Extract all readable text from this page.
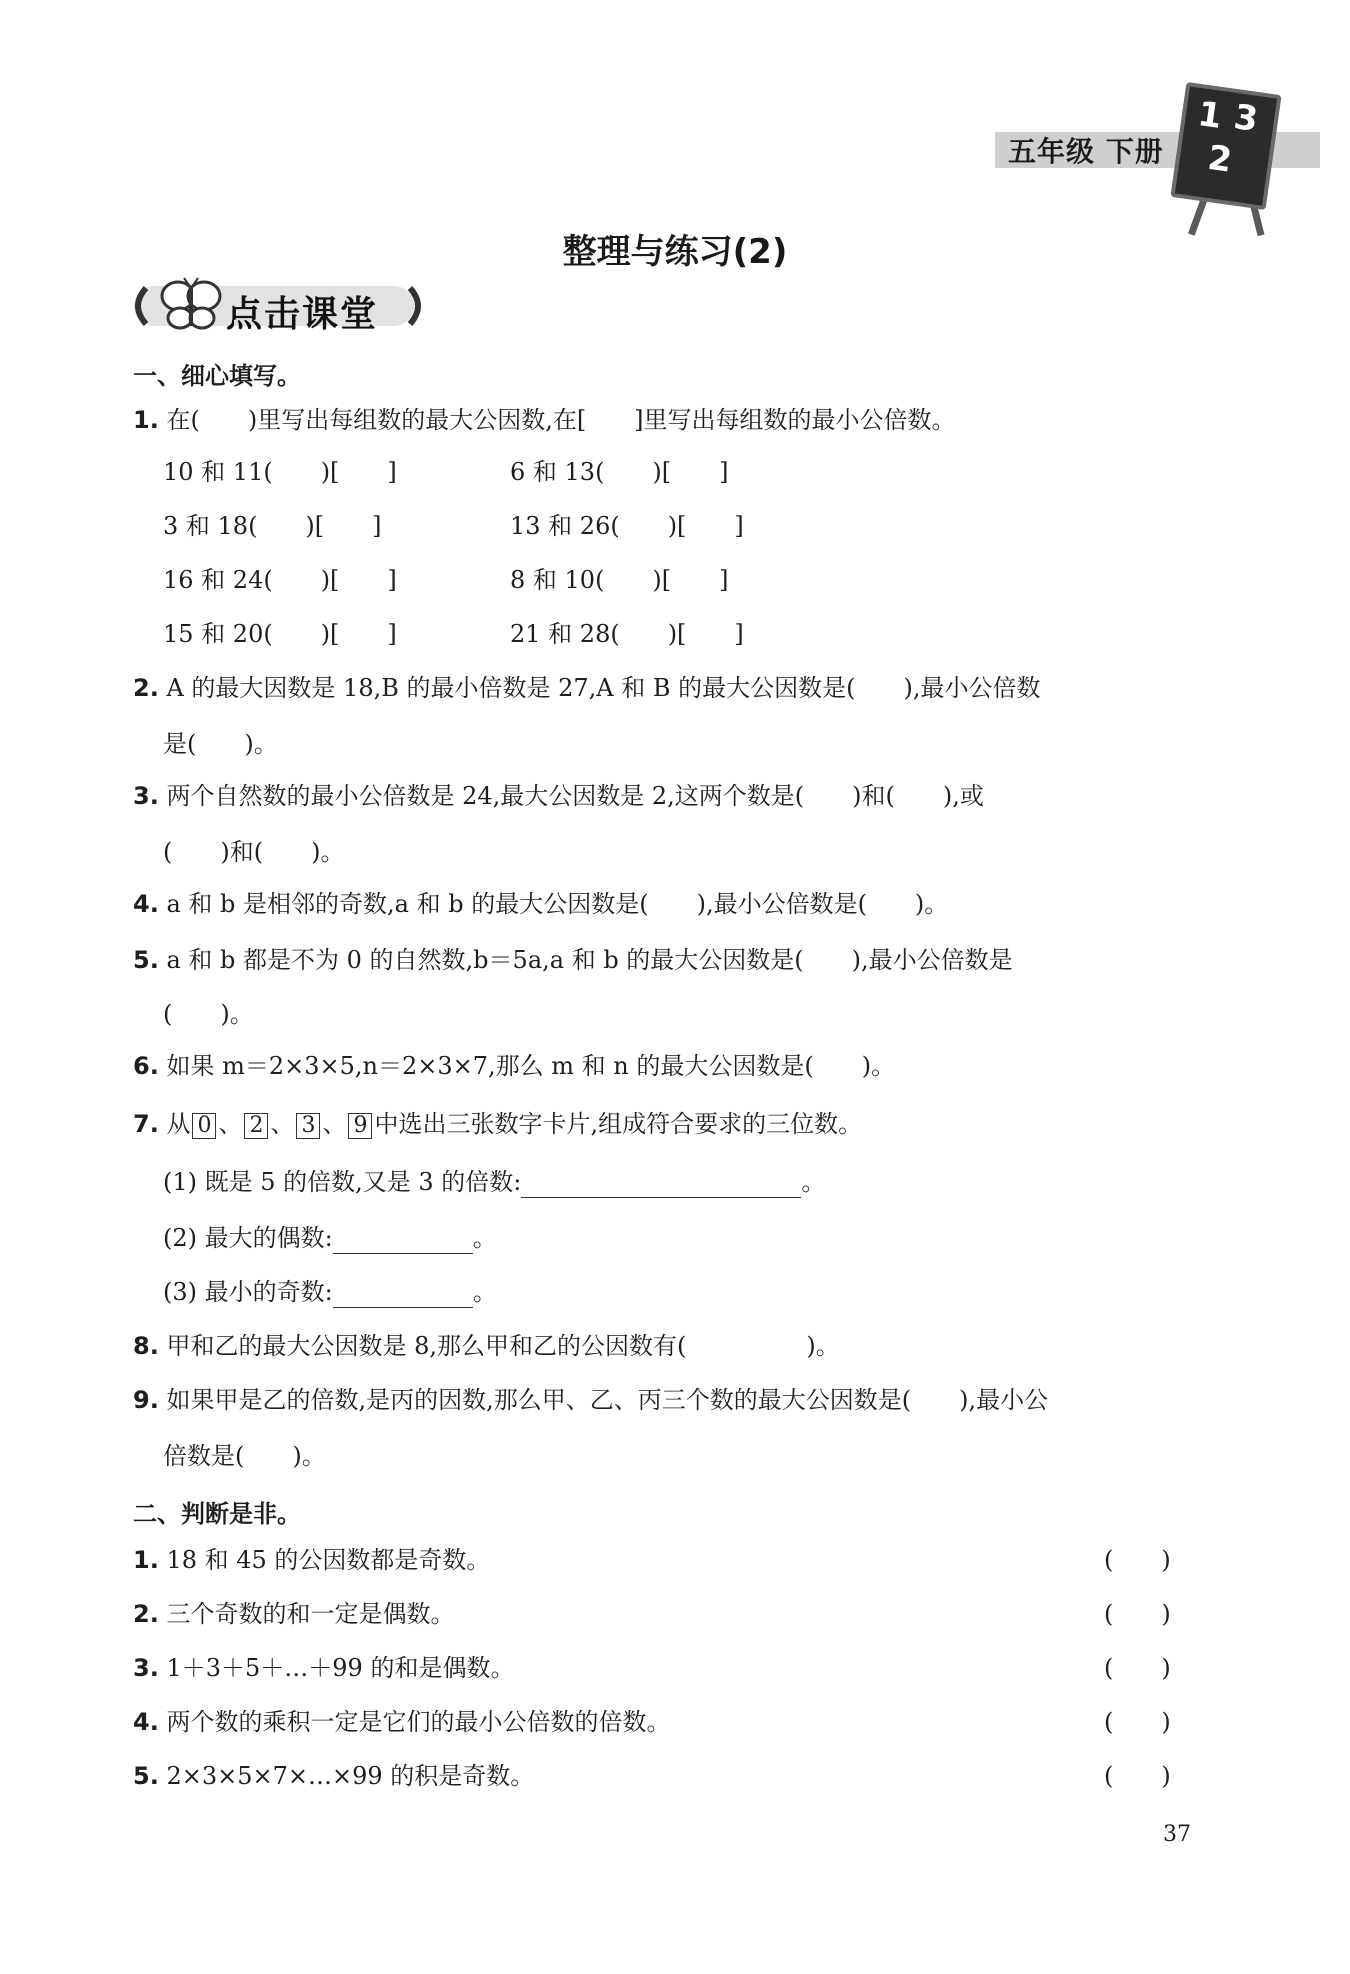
五年级 下册
1 3
2
整理与练习(2)
点击课堂
一、细心填写。
1. 在(　　)里写出每组数的最大公因数,在[　　]里写出每组数的最小公倍数。
10 和 11(　　)[　　]	6 和 13(　　)[　　]
3 和 18(　　)[　　]	13 和 26(　　)[　　]
16 和 24(　　)[　　]	8 和 10(　　)[　　]
15 和 20(　　)[　　]	21 和 28(　　)[　　]
2. A 的最大因数是 18,B 的最小倍数是 27,A 和 B 的最大公因数是(　　),最小公倍数
是(　　)。
3. 两个自然数的最小公倍数是 24,最大公因数是 2,这两个数是(　　)和(　　),或
(　　)和(　　)。
4. a 和 b 是相邻的奇数,a 和 b 的最大公因数是(　　),最小公倍数是(　　)。
5. a 和 b 都是不为 0 的自然数,b＝5a,a 和 b 的最大公因数是(　　),最小公倍数是
(　　)。
6. 如果 m＝2×3×5,n＝2×3×7,那么 m 和 n 的最大公因数是(　　)。
7. 从 0 、 2 、 3 、 9 中选出三张数字卡片,组成符合要求的三位数。
(1) 既是 5 的倍数,又是 3 的倍数:	。
(2) 最大的偶数:	。
(3) 最小的奇数:	。
8. 甲和乙的最大公因数是 8,那么甲和乙的公因数有(　　　　　)。
9. 如果甲是乙的倍数,是丙的因数,那么甲、乙、丙三个数的最大公因数是(　　),最小公
倍数是(　　)。
二、判断是非。
1. 18 和 45 的公因数都是奇数。	(　　)
2. 三个奇数的和一定是偶数。	(　　)
3. 1＋3＋5＋…＋99 的和是偶数。	(　　)
4. 两个数的乘积一定是它们的最小公倍数的倍数。	(　　)
5. 2×3×5×7×…×99 的积是奇数。	(　　)
37
